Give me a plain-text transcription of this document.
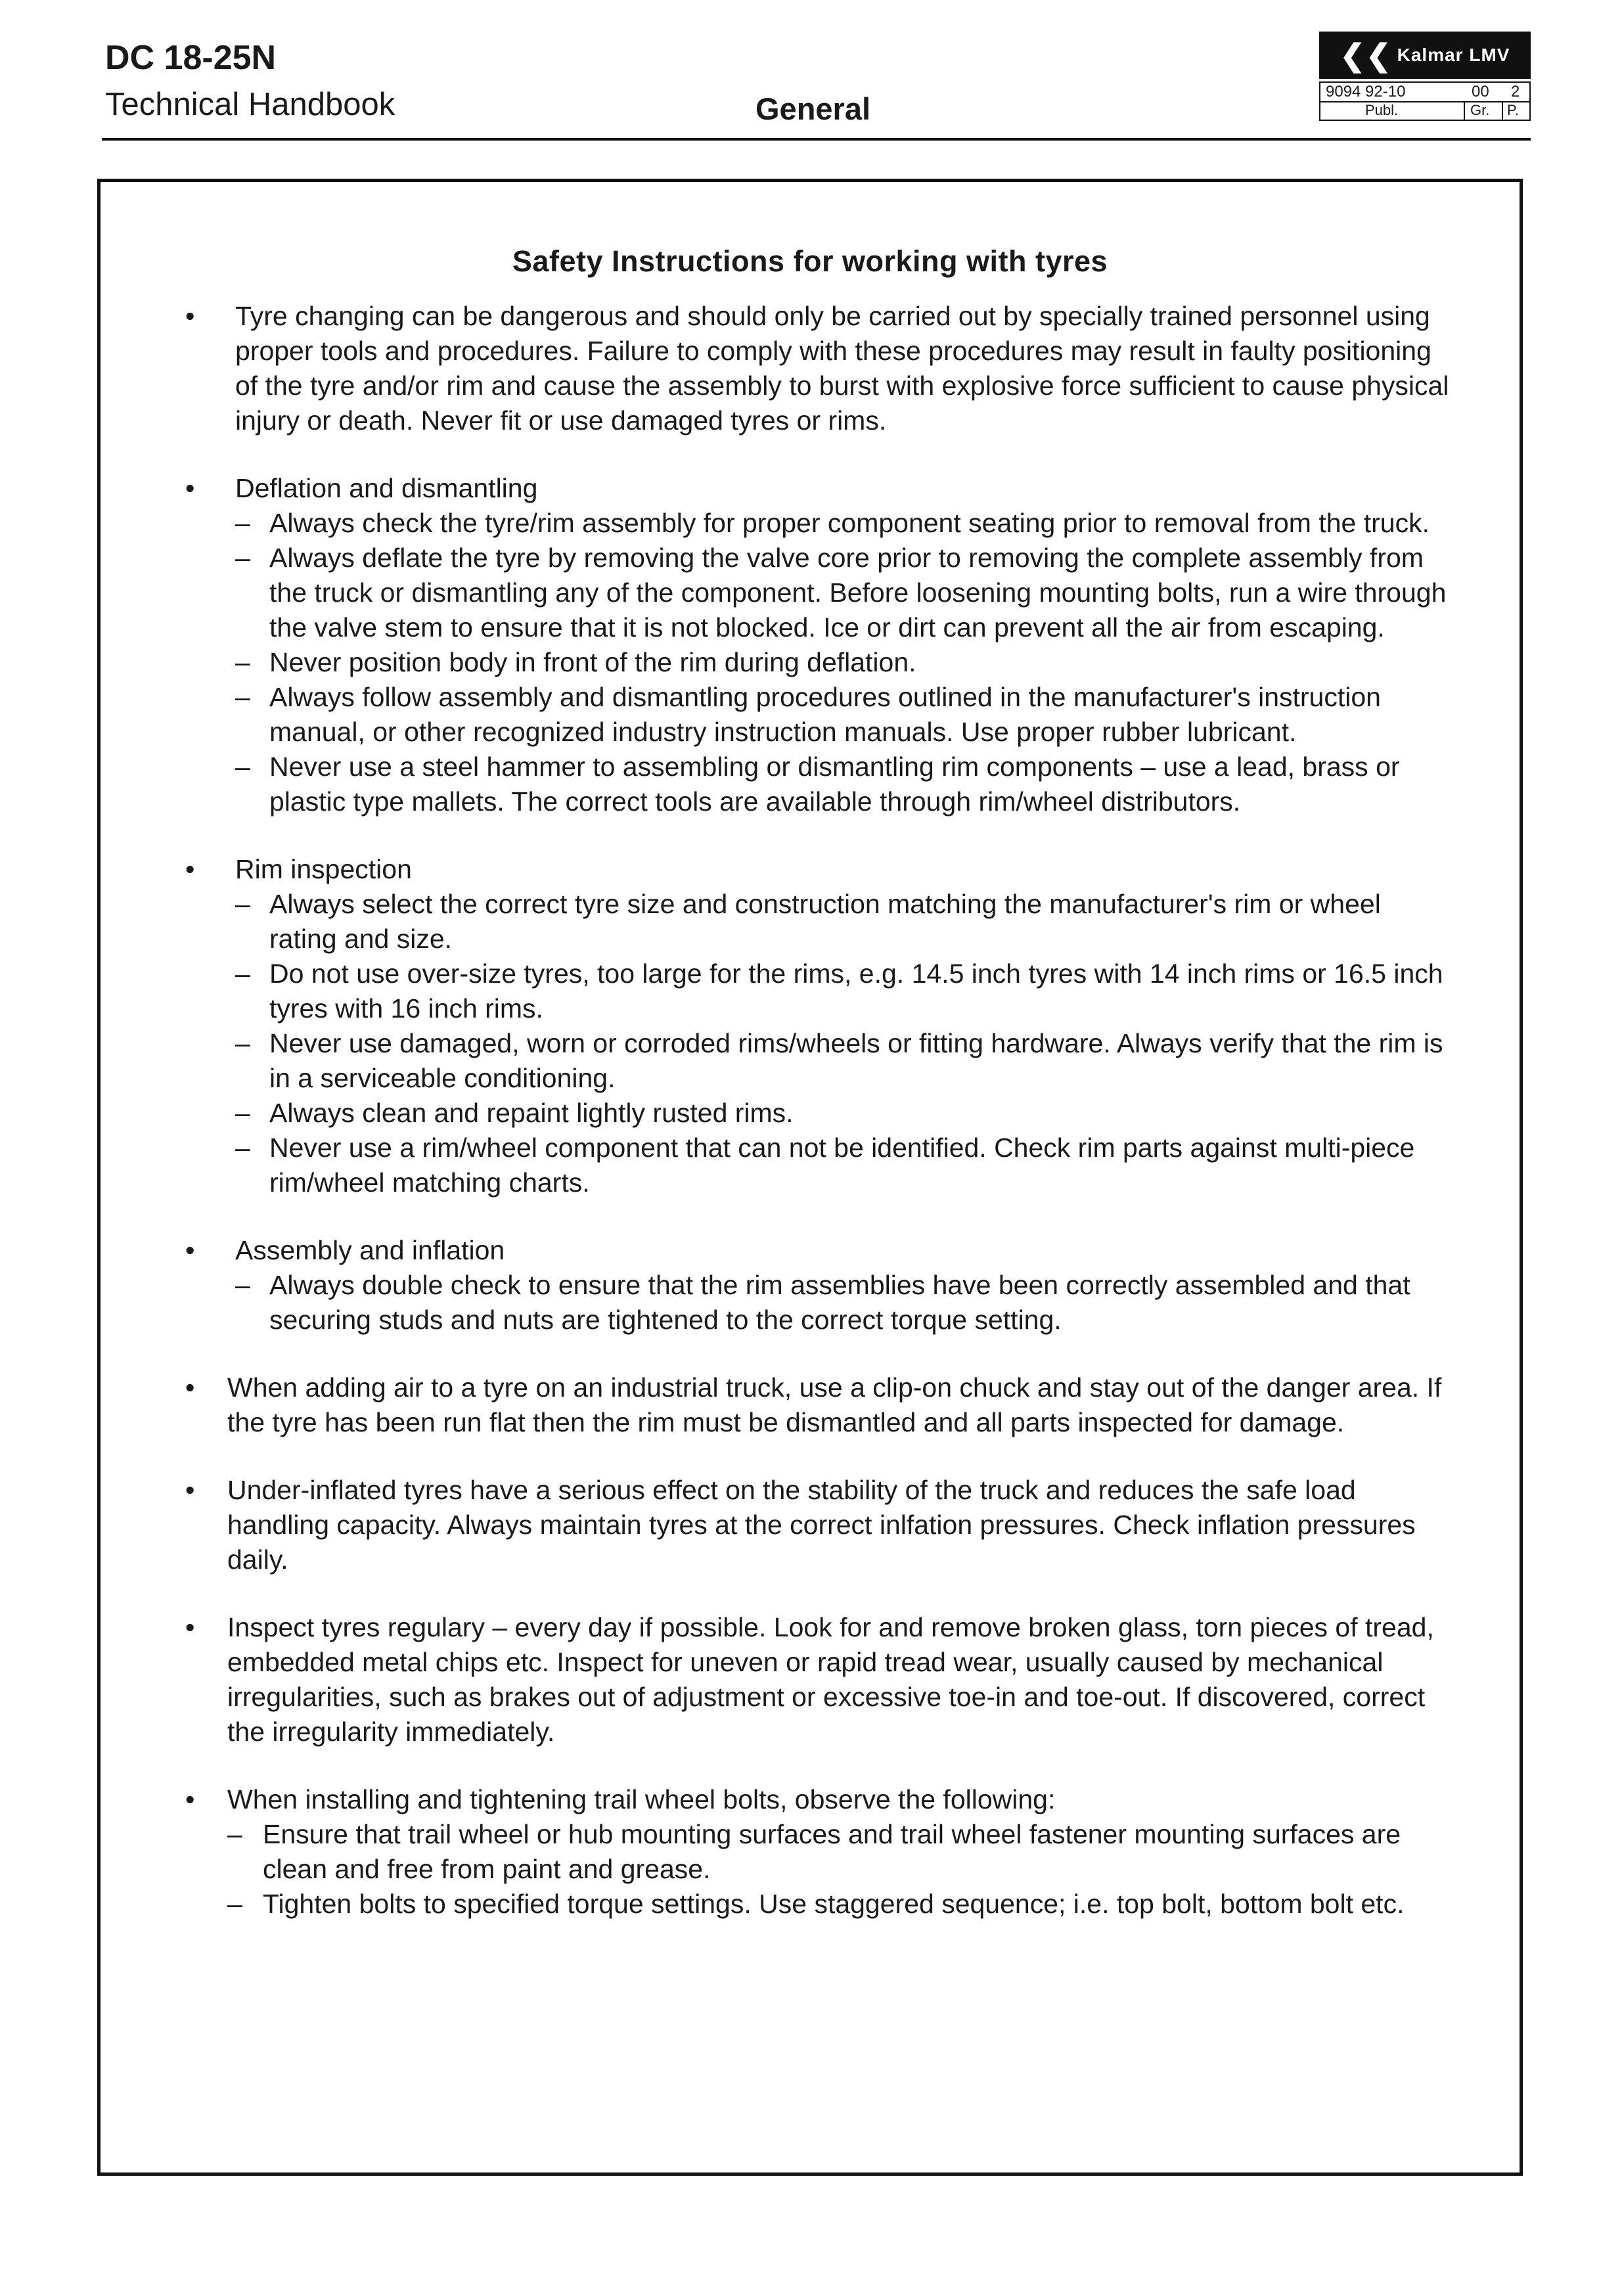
DC 18-25N
Technical Handbook	General
❮❮ Kalmar LMV
9094 92-10	00 2
Publ.	Gr. P.
Safety Instructions for working with tyres
• Tyre changing can be dangerous and should only be carried out by specially trained personnel using proper tools and procedures. Failure to comply with these procedures may result in faulty positioning of the tyre and/or rim and cause the assembly to burst with explosive force sufficient to cause physical injury or death. Never fit or use damaged tyres or rims.
• Deflation and dismantling
– Always check the tyre/rim assembly for proper component seating prior to removal from the truck.
– Always deflate the tyre by removing the valve core prior to removing the complete assembly from the truck or dismantling any of the component. Before loosening mounting bolts, run a wire through the valve stem to ensure that it is not blocked. Ice or dirt can prevent all the air from escaping.
– Never position body in front of the rim during deflation.
– Always follow assembly and dismantling procedures outlined in the manufacturer's instruction manual, or other recognized industry instruction manuals. Use proper rubber lubricant.
– Never use a steel hammer to assembling or dismantling rim components – use a lead, brass or plastic type mallets. The correct tools are available through rim/wheel distributors.
• Rim inspection
– Always select the correct tyre size and construction matching the manufacturer's rim or wheel rating and size.
– Do not use over-size tyres, too large for the rims, e.g. 14.5 inch tyres with 14 inch rims or 16.5 inch tyres with 16 inch rims.
– Never use damaged, worn or corroded rims/wheels or fitting hardware. Always verify that the rim is in a serviceable conditioning.
– Always clean and repaint lightly rusted rims.
– Never use a rim/wheel component that can not be identified. Check rim parts against multi-piece rim/wheel matching charts.
• Assembly and inflation
– Always double check to ensure that the rim assemblies have been correctly assembled and that securing studs and nuts are tightened to the correct torque setting.
• When adding air to a tyre on an industrial truck, use a clip-on chuck and stay out of the danger area. If the tyre has been run flat then the rim must be dismantled and all parts inspected for damage.
• Under-inflated tyres have a serious effect on the stability of the truck and reduces the safe load handling capacity. Always maintain tyres at the correct inlfation pressures. Check inflation pressures daily.
• Inspect tyres regulary – every day if possible. Look for and remove broken glass, torn pieces of tread, embedded metal chips etc. Inspect for uneven or rapid tread wear, usually caused by mechanical irregularities, such as brakes out of adjustment or excessive toe-in and toe-out. If discovered, correct the irregularity immediately.
• When installing and tightening trail wheel bolts, observe the following:
– Ensure that trail wheel or hub mounting surfaces and trail wheel fastener mounting surfaces are clean and free from paint and grease.
– Tighten bolts to specified torque settings. Use staggered sequence; i.e. top bolt, bottom bolt etc.
